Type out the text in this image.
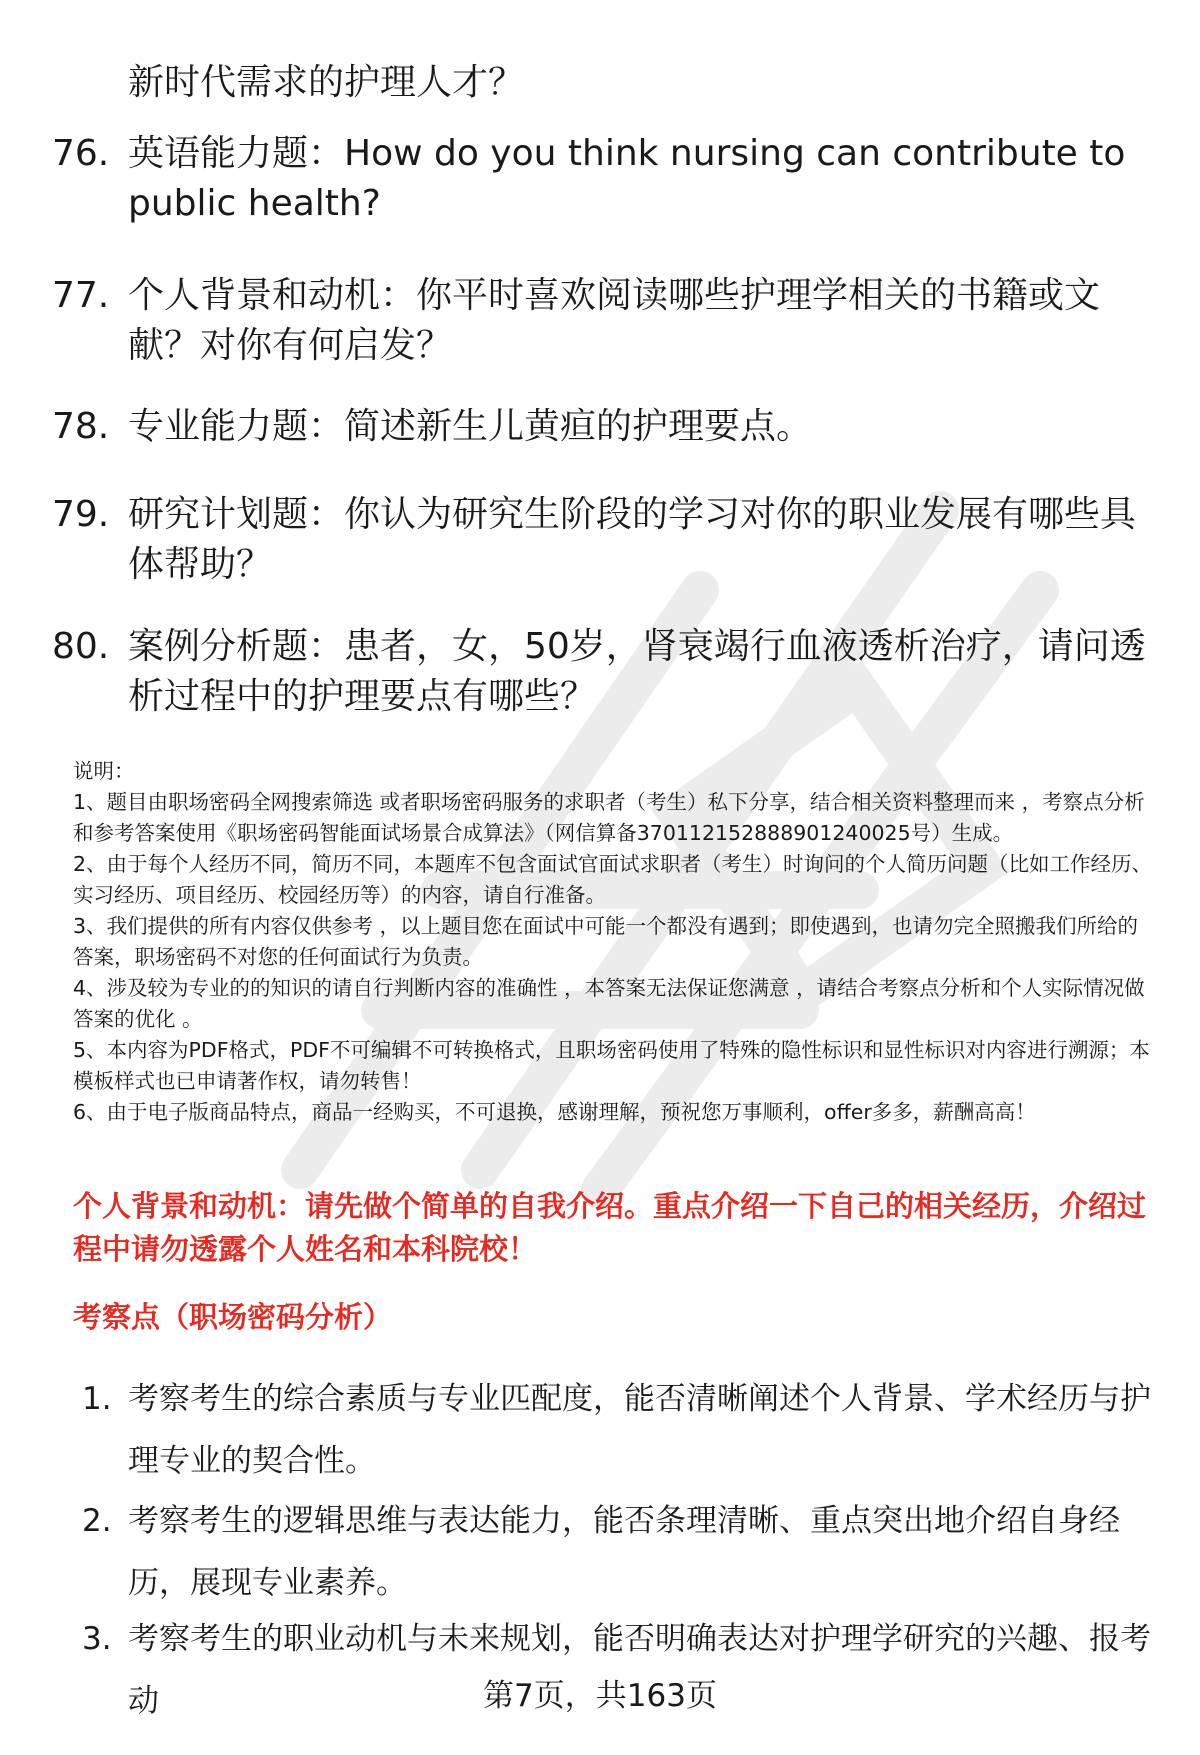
新时代需求的护理人才？
76. 英语能力题：How do you think nursing can contribute to public health?
77. 个人背景和动机：你平时喜欢阅读哪些护理学相关的书籍或文献？对你有何启发？
78. 专业能力题：简述新生儿黄疸的护理要点。
79. 研究计划题：你认为研究生阶段的学习对你的职业发展有哪些具体帮助？
80. 案例分析题：患者，女，50岁，肾衰竭行血液透析治疗，请问透析过程中的护理要点有哪些？

说明：

1、题目由职场密码全网搜索筛选 或者职场密码服务的求职者（考生）私下分享，结合相关资料整理而来 ，考察点分析和参考答案使用《职场密码智能面试场景合成算法》（网信算备370112152888901240025号）生成。

2、由于每个人经历不同，简历不同，本题库不包含面试官面试求职者（考生）时询问的个人简历问题（比如工作经历、实习经历、项目经历、校园经历等）的内容，请自行准备。

3、我们提供的所有内容仅供参考 ，以上题目您在面试中可能一个都没有遇到；即使遇到，也请勿完全照搬我们所给的答案，职场密码不对您的任何面试行为负责。

4、涉及较为专业的的知识的请自行判断内容的准确性 ，本答案无法保证您满意 ，请结合考察点分析和个人实际情况做答案的优化 。

5、本内容为PDF格式，PDF不可编辑不可转换格式，且职场密码使用了特殊的隐性标识和显性标识对内容进行溯源；本模板样式也已申请著作权，请勿转售！

6、由于电子版商品特点，商品一经购买，不可退换，感谢理解，预祝您万事顺利，offer多多，薪酬高高！

个人背景和动机：请先做个简单的自我介绍。重点介绍一下自己的相关经历，介绍过程中请勿透露个人姓名和本科院校！
考察点（职场密码分析）
1. 考察考生的综合素质与专业匹配度，能否清晰阐述个人背景、学术经历与护理专业的契合性。
2. 考察考生的逻辑思维与表达能力，能否条理清晰、重点突出地介绍自身经历，展现专业素养。
3. 考察考生的职业动机与未来规划，能否明确表达对护理学研究的兴趣、报考动	第7页，共163页
